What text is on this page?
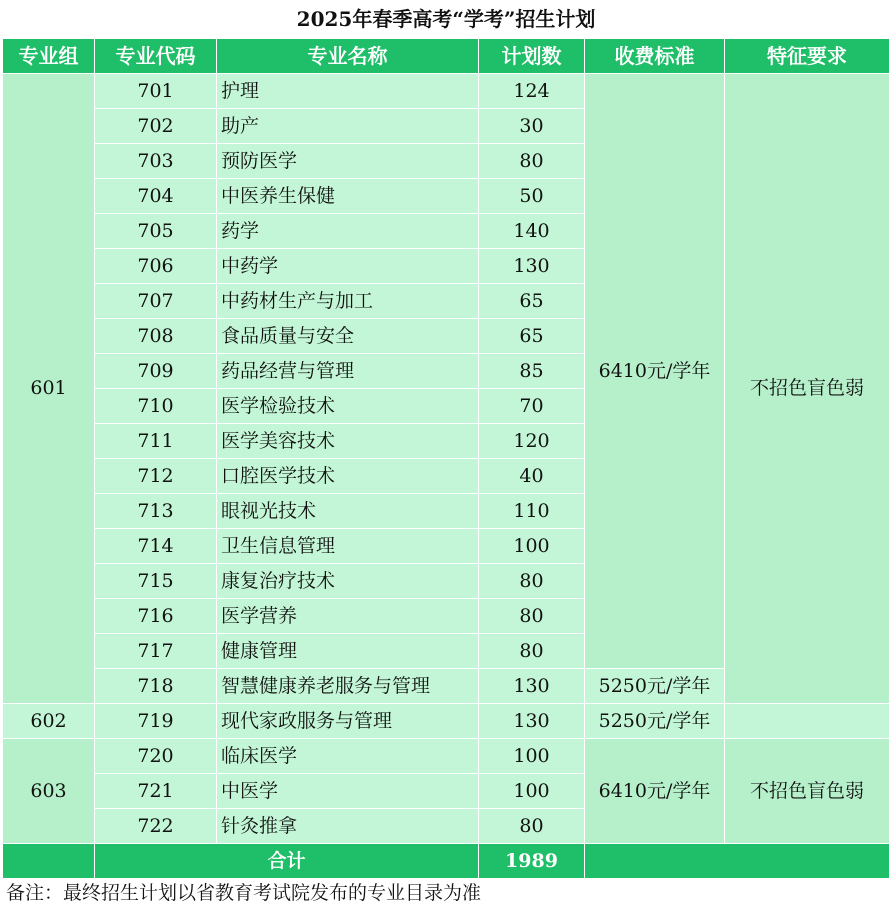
2025年春季高考“学考”招生计划
专业组	专业代码	专业名称	计划数	收费标准	特征要求
601	701	护理	124	6410元/学年	不招色盲色弱
	702	助产	30		
	703	预防医学	80		
	704	中医养生保健	50		
	705	药学	140		
	706	中药学	130		
	707	中药材生产与加工	65		
	708	食品质量与安全	65		
	709	药品经营与管理	85		
	710	医学检验技术	70		
	711	医学美容技术	120		
	712	口腔医学技术	40		
	713	眼视光技术	110		
	714	卫生信息管理	100		
	715	康复治疗技术	80		
	716	医学营养	80		
	717	健康管理	80		
	718	智慧健康养老服务与管理	130	5250元/学年	
602	719	现代家政服务与管理	130	5250元/学年	
603	720	临床医学	100	6410元/学年	不招色盲色弱
	721	中医学	100		
	722	针灸推拿	80		
	合计		1989		
备注：最终招生计划以省教育考试院发布的专业目录为准
